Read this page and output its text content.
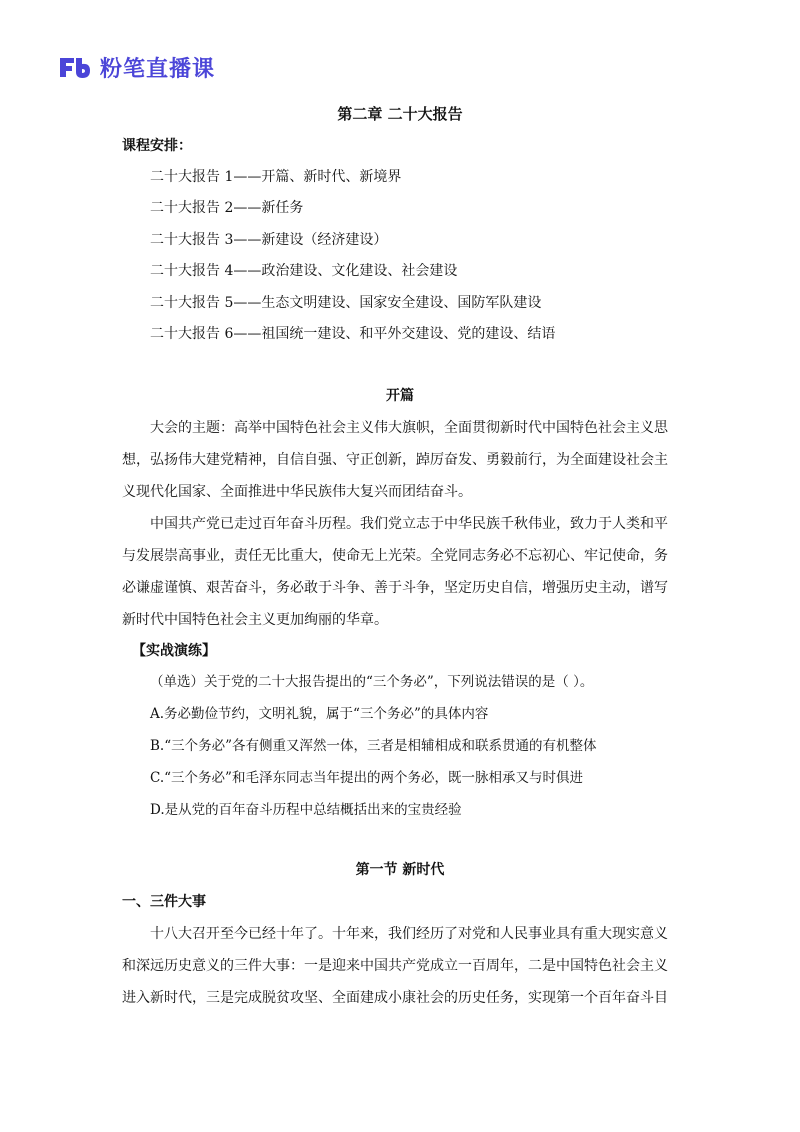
粉笔直播课
第二章 二十大报告
课程安排：
二十大报告 1——开篇、新时代、新境界
二十大报告 2——新任务
二十大报告 3——新建设（经济建设）
二十大报告 4——政治建设、文化建设、社会建设
二十大报告 5——生态文明建设、国家安全建设、国防军队建设
二十大报告 6——祖国统一建设、和平外交建设、党的建设、结语
开篇
大会的主题：高举中国特色社会主义伟大旗帜，全面贯彻新时代中国特色社会主义思
想，弘扬伟大建党精神，自信自强、守正创新，踔厉奋发、勇毅前行，为全面建设社会主
义现代化国家、全面推进中华民族伟大复兴而团结奋斗。
中国共产党已走过百年奋斗历程。我们党立志于中华民族千秋伟业，致力于人类和平
与发展崇高事业，责任无比重大，使命无上光荣。全党同志务必不忘初心、牢记使命，务
必谦虚谨慎、艰苦奋斗，务必敢于斗争、善于斗争，坚定历史自信，增强历史主动，谱写
新时代中国特色社会主义更加绚丽的华章。
【实战演练】
（单选）关于党的二十大报告提出的“三个务必”，下列说法错误的是（ ）。
A.务必勤俭节约，文明礼貌，属于“三个务必”的具体内容
B.“三个务必”各有侧重又浑然一体，三者是相辅相成和联系贯通的有机整体
C.“三个务必”和毛泽东同志当年提出的两个务必，既一脉相承又与时俱进
D.是从党的百年奋斗历程中总结概括出来的宝贵经验
第一节 新时代
一、三件大事
十八大召开至今已经十年了。十年来，我们经历了对党和人民事业具有重大现实意义
和深远历史意义的三件大事：一是迎来中国共产党成立一百周年，二是中国特色社会主义
进入新时代，三是完成脱贫攻坚、全面建成小康社会的历史任务，实现第一个百年奋斗目
